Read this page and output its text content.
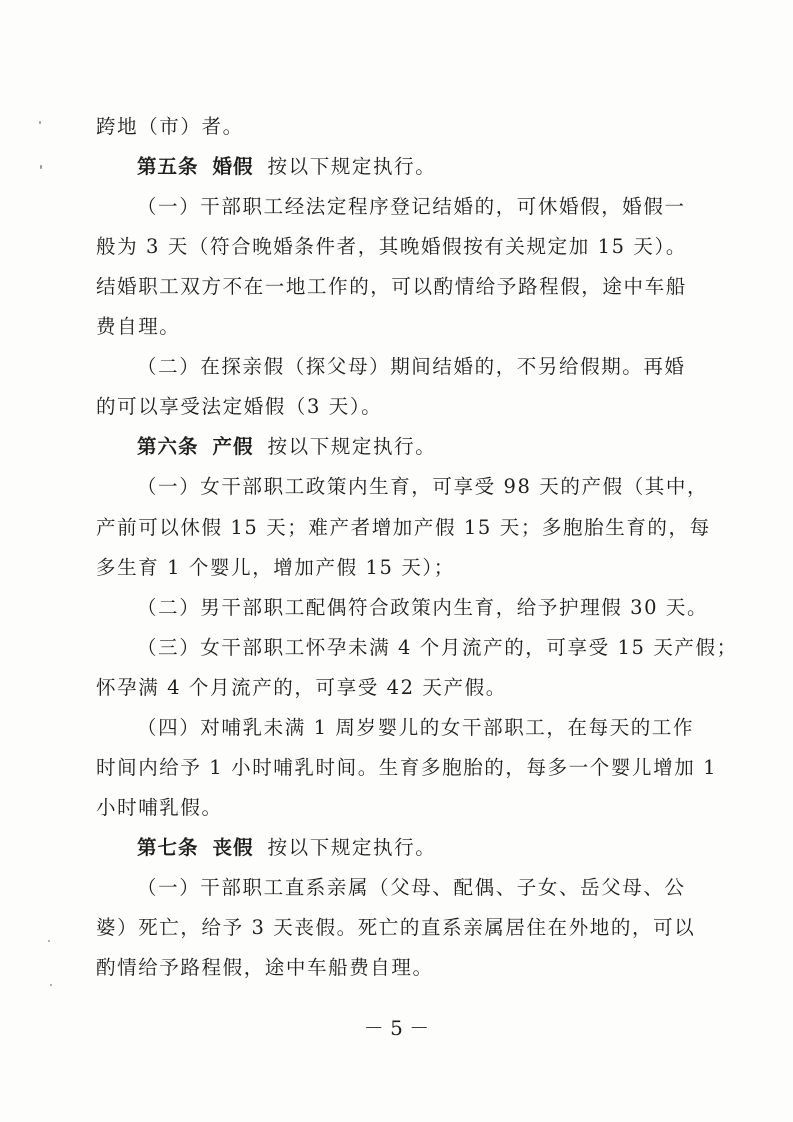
跨地（市）者。
第五条 婚假 按以下规定执行。
（一）干部职工经法定程序登记结婚的，可休婚假，婚假一
般为 3 天（符合晚婚条件者，其晚婚假按有关规定加 15 天）。
结婚职工双方不在一地工作的，可以酌情给予路程假，途中车船
费自理。
（二）在探亲假（探父母）期间结婚的，不另给假期。再婚
的可以享受法定婚假（3 天）。
第六条 产假 按以下规定执行。
（一）女干部职工政策内生育，可享受 98 天的产假（其中，
产前可以休假 15 天；难产者增加产假 15 天；多胞胎生育的，每
多生育 1 个婴儿，增加产假 15 天）；
（二）男干部职工配偶符合政策内生育，给予护理假 30 天。
（三）女干部职工怀孕未满 4 个月流产的，可享受 15 天产假；
怀孕满 4 个月流产的，可享受 42 天产假。
（四）对哺乳未满 1 周岁婴儿的女干部职工，在每天的工作
时间内给予 1 小时哺乳时间。生育多胞胎的，每多一个婴儿增加 1
小时哺乳假。
第七条 丧假 按以下规定执行。
（一）干部职工直系亲属（父母、配偶、子女、岳父母、公
婆）死亡，给予 3 天丧假。死亡的直系亲属居住在外地的，可以
酌情给予路程假，途中车船费自理。
－ 5 －
